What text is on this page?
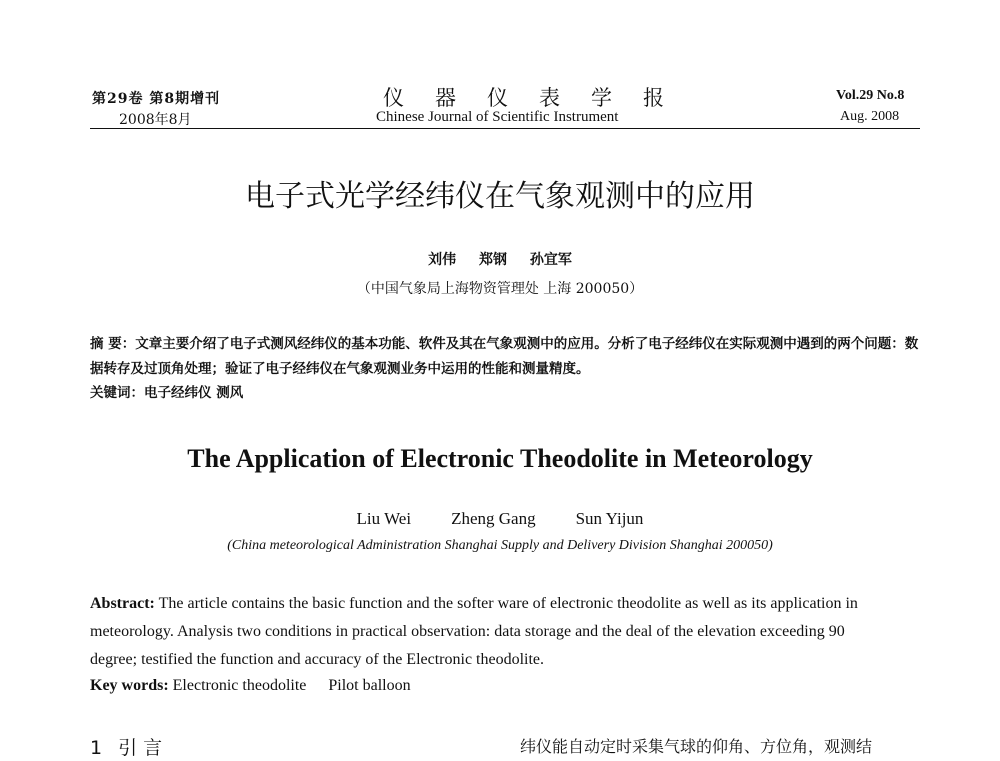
第29卷 第8期增刊
2008年8月
仪器仪表学报
Chinese Journal of Scientific Instrument
Vol.29 No.8
Aug. 2008
电子式光学经纬仪在气象观测中的应用
刘伟 郑钢 孙宜军
（中国气象局上海物资管理处 上海 200050）
摘 要：文章主要介绍了电子式测风经纬仪的基本功能、软件及其在气象观测中的应用。分析了电子经纬仪在实际观测中遇到的两个问题：数据转存及过顶角处理；验证了电子经纬仪在气象观测业务中运用的性能和测量精度。
关键词：电子经纬仪 测风
The Application of Electronic Theodolite in Meteorology
Liu Wei Zheng Gang Sun Yijun
(China meteorological Administration Shanghai Supply and Delivery Division Shanghai 200050)
Abstract: The article contains the basic function and the softer ware of electronic theodolite as well as its application in meteorology. Analysis two conditions in practical observation: data storage and the deal of the elevation exceeding 90 degree; testified the function and accuracy of the Electronic theodolite.
Key words: Electronic theodolite Pilot balloon
1 引 言	纬仪能自动定时采集气球的仰角、方位角，观测结
